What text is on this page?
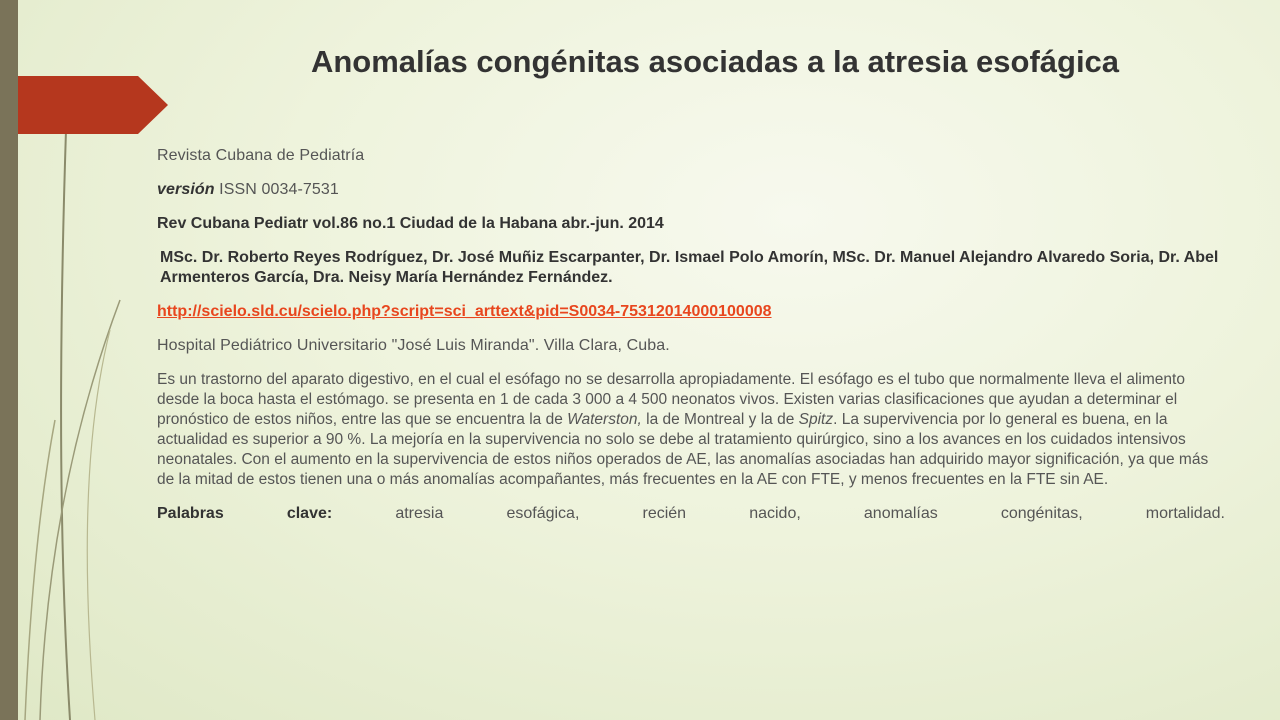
Anomalías congénitas asociadas a la atresia esofágica
Revista Cubana de Pediatría
versión ISSN 0034-7531
Rev Cubana Pediatr vol.86 no.1 Ciudad de la Habana abr.-jun. 2014
MSc. Dr. Roberto Reyes Rodríguez, Dr. José Muñiz Escarpanter, Dr. Ismael Polo Amorín, MSc. Dr. Manuel Alejandro Alvaredo Soria, Dr. Abel Armenteros García, Dra. Neisy María Hernández Fernández.
http://scielo.sld.cu/scielo.php?script=sci_arttext&pid=S0034-75312014000100008
Hospital Pediátrico Universitario "José Luis Miranda". Villa Clara, Cuba.
Es un trastorno del aparato digestivo, en el cual el esófago no se desarrolla apropiadamente. El esófago es el tubo que normalmente lleva el alimento desde la boca hasta el estómago. se presenta en 1 de cada 3 000 a 4 500 neonatos vivos. Existen varias clasificaciones que ayudan a determinar el pronóstico de estos niños, entre las que se encuentra la de Waterston, la de Montreal y la de Spitz. La supervivencia por lo general es buena, en la actualidad es superior a 90 %. La mejoría en la supervivencia no solo se debe al tratamiento quirúrgico, sino a los avances en los cuidados intensivos neonatales. Con el aumento en la supervivencia de estos niños operados de AE, las anomalías asociadas han adquirido mayor significación, ya que más de la mitad de estos tienen una o más anomalías acompañantes, más frecuentes en la AE con FTE, y menos frecuentes en la FTE sin AE.
Palabras	clave:	atresia	esofágica,	recién	nacido,	anomalías	congénitas,	mortalidad.
